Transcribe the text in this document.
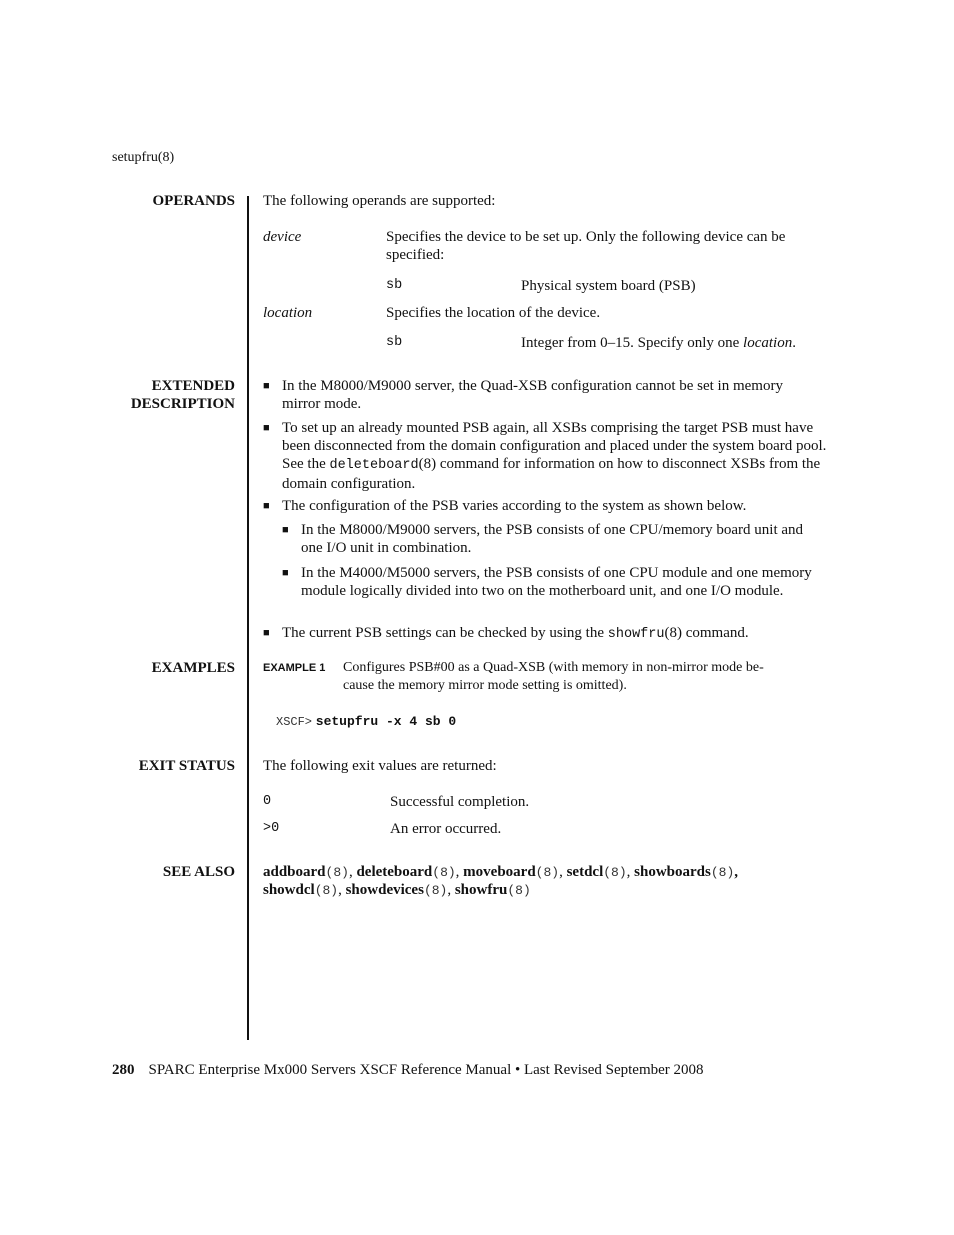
setupfru(8)
OPERANDS The following operands are supported:
device	Specifies the device to be set up. Only the following device can be specified:
sb	Physical system board (PSB)
location	Specifies the location of the device.
sb	Integer from 0–15. Specify only one location.
EXTENDED
DESCRIPTION
■ In the M8000/M9000 server, the Quad-XSB configuration cannot be set in memory mirror mode.
■ To set up an already mounted PSB again, all XSBs comprising the target PSB must have been disconnected from the domain configuration and placed under the system board pool. See the deleteboard(8) command for information on how to disconnect XSBs from the domain configuration.
■ The configuration of the PSB varies according to the system as shown below.
■ In the M8000/M9000 servers, the PSB consists of one CPU/memory board unit and one I/O unit in combination.
■ In the M4000/M5000 servers, the PSB consists of one CPU module and one memory module logically divided into two on the motherboard unit, and one I/O module.
■ The current PSB settings can be checked by using the showfru(8) command.
EXAMPLES	EXAMPLE 1 Configures PSB#00 as a Quad-XSB (with memory in non-mirror mode be-
cause the memory mirror mode setting is omitted).
XSCF> setupfru -x 4 sb 0
EXIT STATUS The following exit values are returned:
0	Successful completion.
>0	An error occurred.
SEE ALSO addboard(8), deleteboard(8), moveboard(8), setdcl(8), showboards(8),
showdcl(8), showdevices(8), showfru(8)
280 SPARC Enterprise Mx000 Servers XSCF Reference Manual • Last Revised September 2008
